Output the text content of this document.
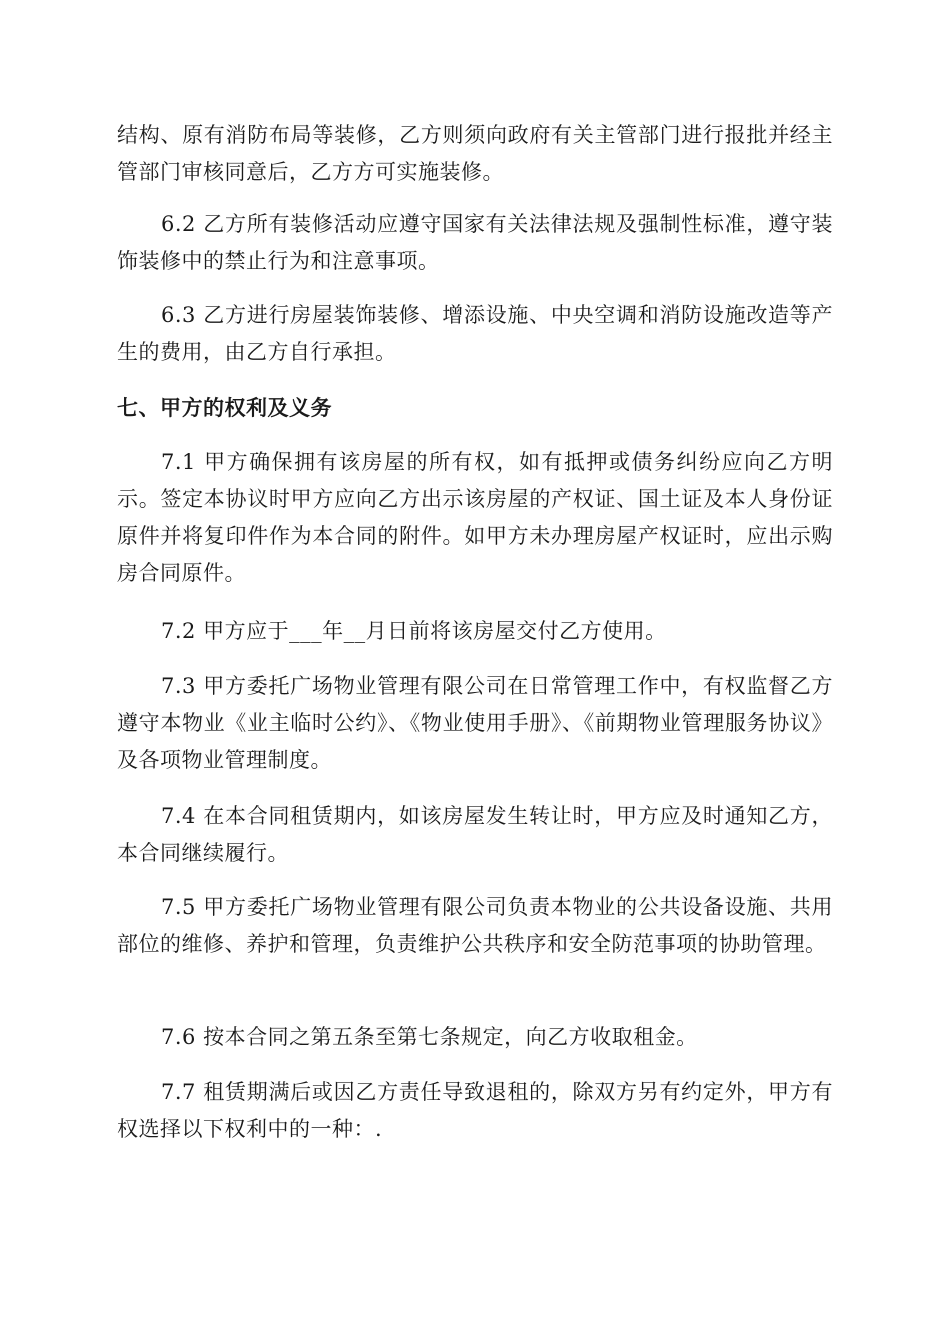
结构、原有消防布局等装修，乙方则须向政府有关主管部门进行报批并经主管部门审核同意后，乙方方可实施装修。

6.2 乙方所有装修活动应遵守国家有关法律法规及强制性标准，遵守装饰装修中的禁止行为和注意事项。

6.3 乙方进行房屋装饰装修、增添设施、中央空调和消防设施改造等产生的费用，由乙方自行承担。

七、甲方的权利及义务

7.1 甲方确保拥有该房屋的所有权，如有抵押或债务纠纷应向乙方明示。签定本协议时甲方应向乙方出示该房屋的产权证、国土证及本人身份证原件并将复印件作为本合同的附件。如甲方未办理房屋产权证时，应出示购房合同原件。

7.2 甲方应于___年__月日前将该房屋交付乙方使用。

7.3 甲方委托广场物业管理有限公司在日常管理工作中，有权监督乙方遵守本物业《业主临时公约》、《物业使用手册》、《前期物业管理服务协议》及各项物业管理制度。

7.4 在本合同租赁期内，如该房屋发生转让时，甲方应及时通知乙方，本合同继续履行。

7.5 甲方委托广场物业管理有限公司负责本物业的公共设备设施、共用部位的维修、养护和管理，负责维护公共秩序和安全防范事项的协助管理。

7.6 按本合同之第五条至第七条规定，向乙方收取租金。

7.7 租赁期满后或因乙方责任导致退租的，除双方另有约定外，甲方有权选择以下权利中的一种：.
